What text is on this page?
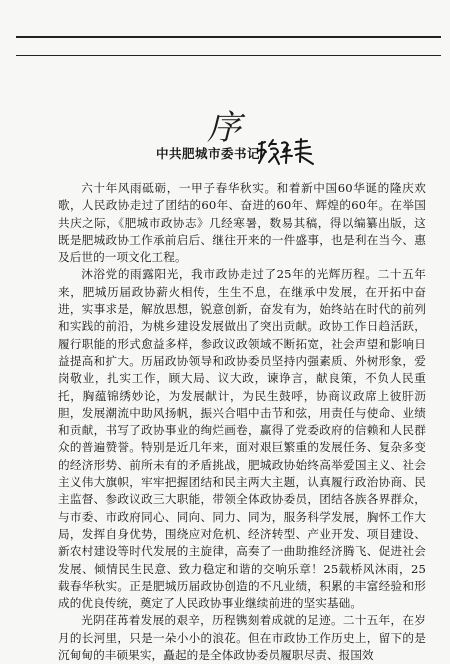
序
中共肥城市委书记

六十年风雨砥砺，一甲子春华秋实。和着新中国60华诞的隆庆欢歌，人民政协走过了团结的60年、奋进的60年、辉煌的60年。在举国共庆之际，《肥城市政协志》几经寒暑，数易其稿，得以编纂出版，这既是肥城政协工作承前启后、继往开来的一件盛事，也是利在当今、惠及后世的一项文化工程。

沐浴党的雨露阳光，我市政协走过了25年的光辉历程。二十五年来，肥城历届政协薪火相传，生生不息，在继承中发展，在开拓中奋进，实事求是，解放思想，锐意创新，奋发有为，始终站在时代的前列和实践的前沿，为桃乡建设发展做出了突出贡献。政协工作日趋活跃，履行职能的形式愈益多样，参政议政领域不断拓宽，社会声望和影响日益提高和扩大。历届政协领导和政协委员坚持内强素质、外树形象，爱岗敬业，扎实工作，顾大局、议大政，谏诤言，献良策，不负人民重托，胸蕴锦绣妙论，为发展献计，为民生鼓呼，协商议政席上彼肝沥胆，发展潮流中助风扬帆，振兴合唱中击节和弦，用责任与使命、业绩和贡献，书写了政协事业的绚烂画卷，赢得了党委政府的信赖和人民群众的普遍赞誉。特别是近几年来，面对艰巨繁重的发展任务、复杂多变的经济形势、前所未有的矛盾挑战，肥城政协始终高举爱国主义、社会主义伟大旗帜，牢牢把握团结和民主两大主题，认真履行政治协商、民主监督、参政议政三大职能，带领全体政协委员，团结各族各界群众，与市委、市政府同心、同向、同力、同为，服务科学发展，胸怀工作大局，发挥自身优势，围绕应对危机、经济转型、产业开发、项目建设、新农村建设等时代发展的主旋律，高奏了一曲助推经济腾飞、促进社会发展、倾情民生民意、致力稳定和谐的交响乐章！25载桥风沐雨，25载春华秋实。正是肥城历届政协创造的不凡业绩，积累的丰富经验和形成的优良传统，奠定了人民政协事业继续前进的坚实基础。

光阴荏苒着发展的艰辛，历程镌刻着成就的足迹。二十五年，在岁月的长河里，只是一朵小小的浪花。但在市政协工作历史上，留下的是沉甸甸的丰硕果实，矗起的是全体政协委员履职尽责、报国效
